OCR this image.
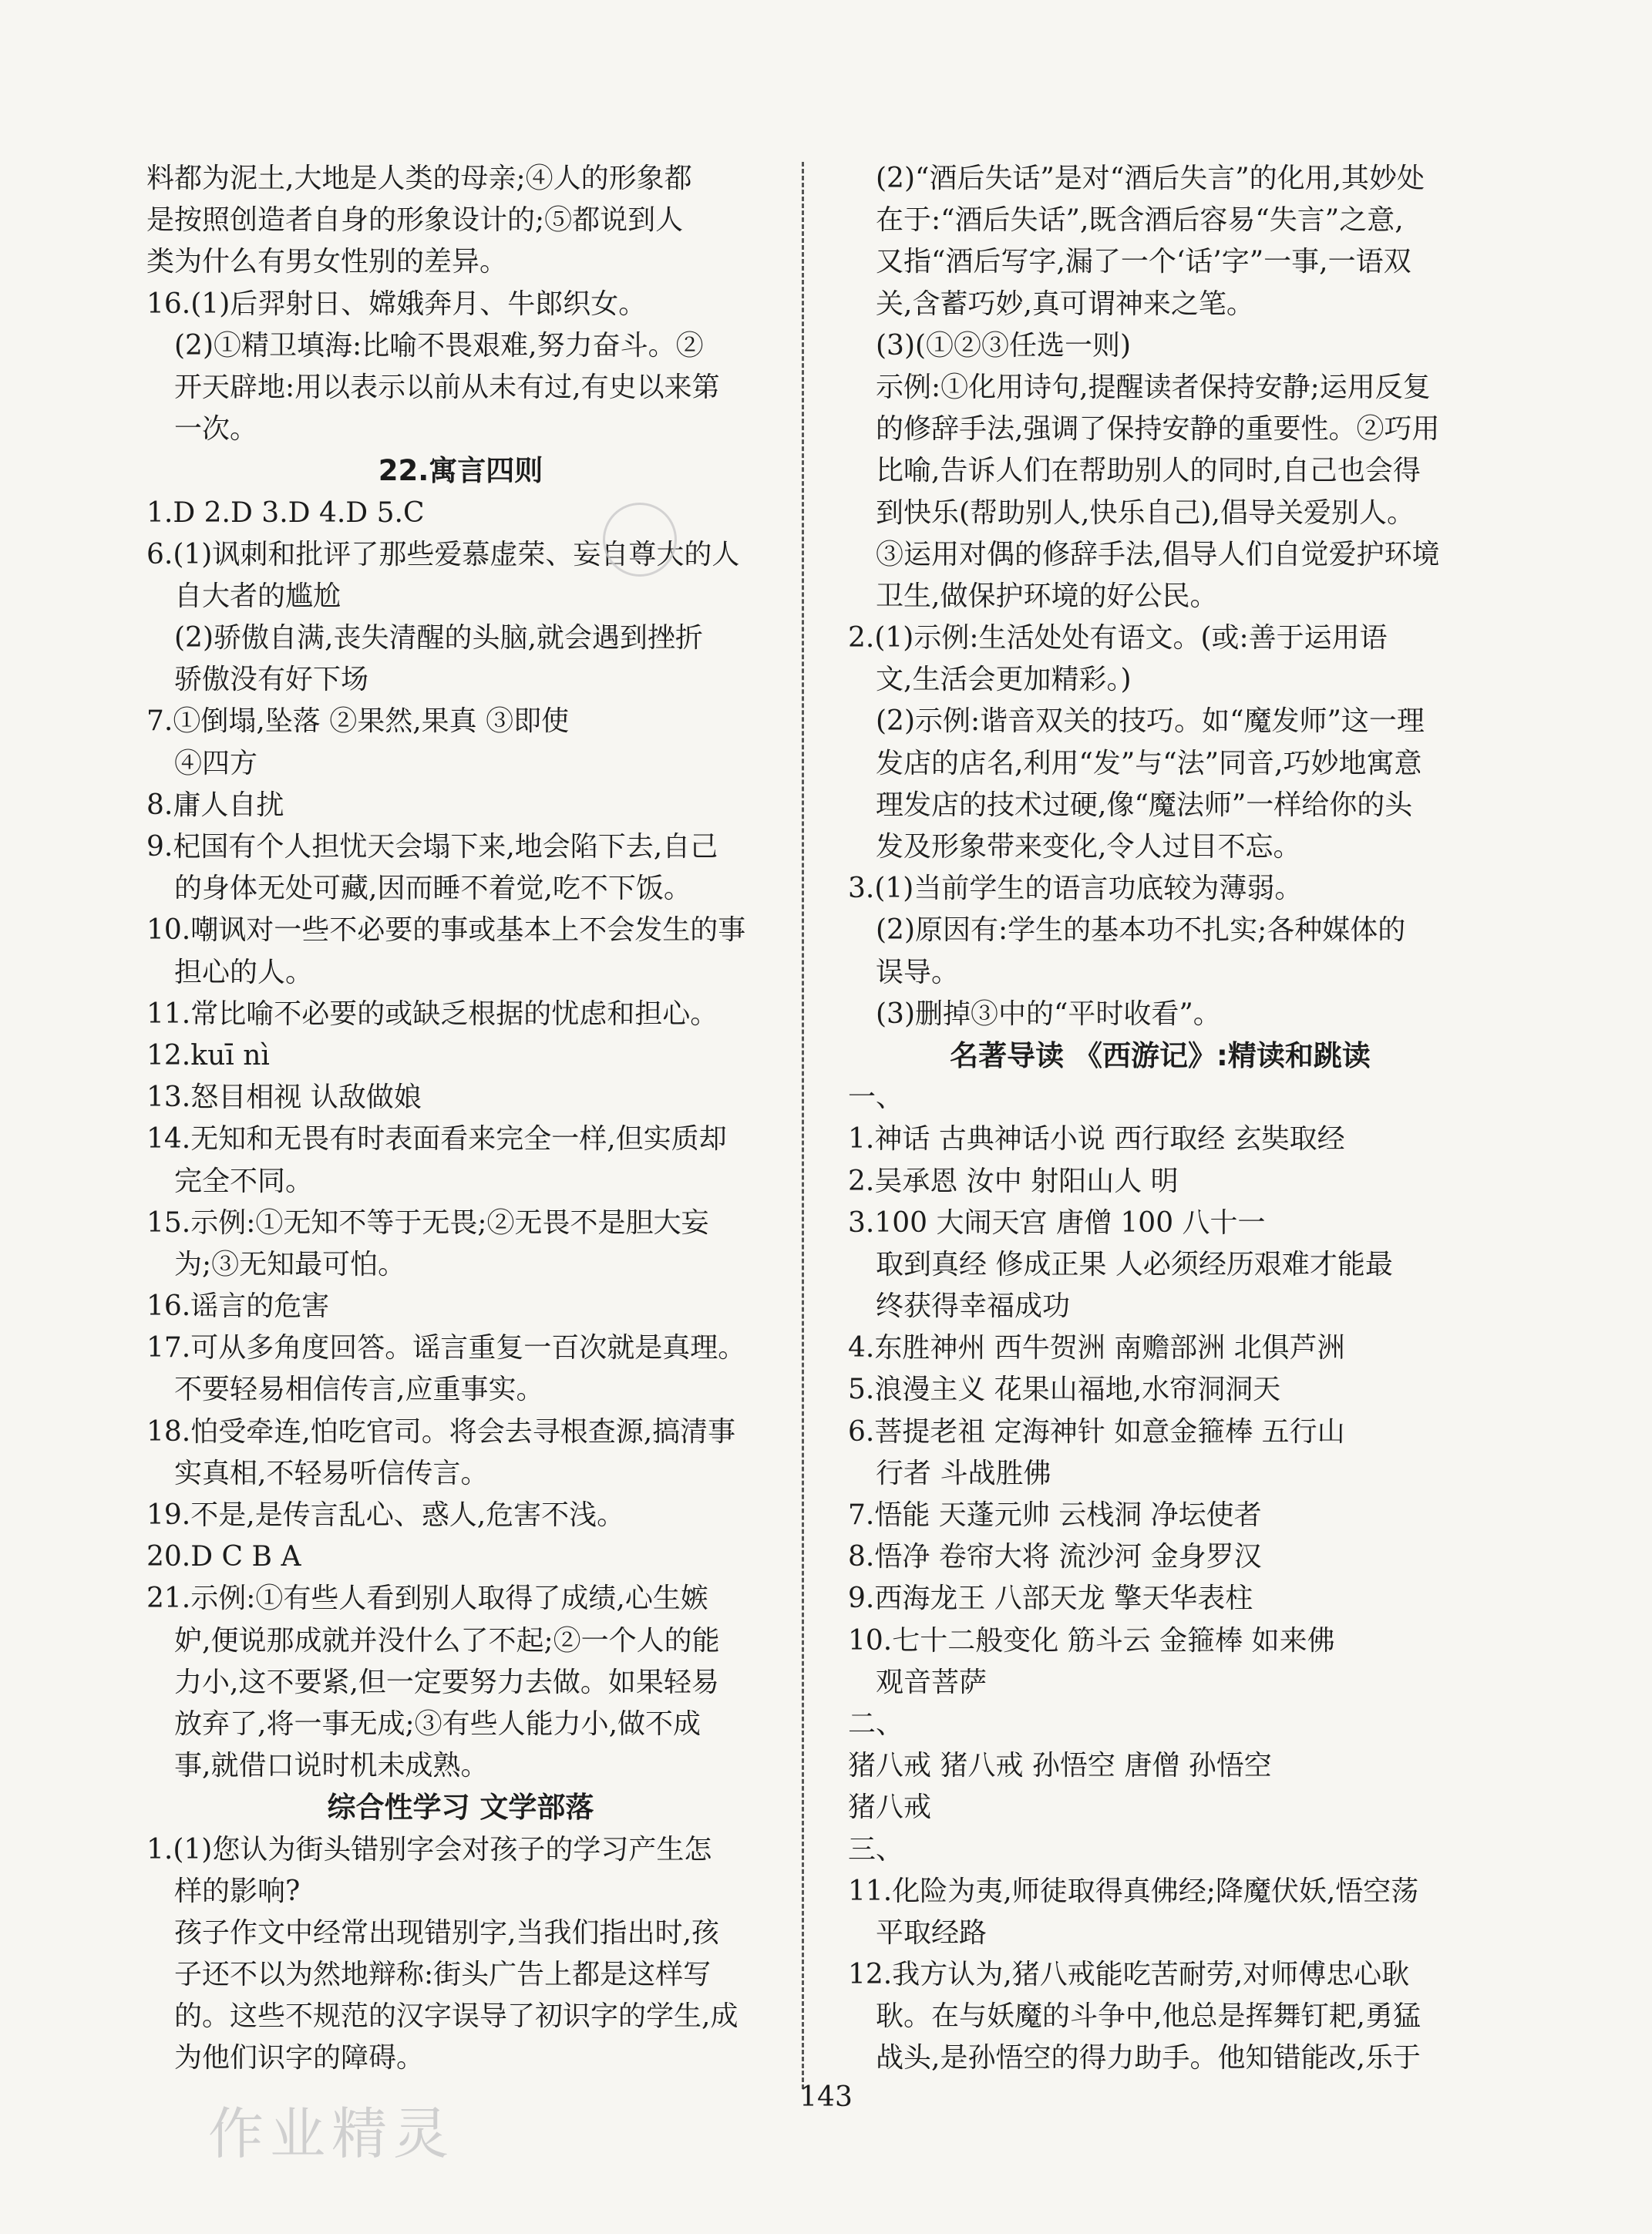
料都为泥土,大地是人类的母亲;④人的形象都
是按照创造者自身的形象设计的;⑤都说到人
类为什么有男女性别的差异。
16.(1)后羿射日、嫦娥奔月、牛郎织女。
(2)①精卫填海:比喻不畏艰难,努力奋斗。②
开天辟地:用以表示以前从未有过,有史以来第
一次。
22.寓言四则
1.D 2.D 3.D 4.D 5.C
6.(1)讽刺和批评了那些爱慕虚荣、妄自尊大的人
自大者的尴尬
(2)骄傲自满,丧失清醒的头脑,就会遇到挫折
骄傲没有好下场
7.①倒塌,坠落 ②果然,果真 ③即使
④四方
8.庸人自扰
9.杞国有个人担忧天会塌下来,地会陷下去,自己
的身体无处可藏,因而睡不着觉,吃不下饭。
10.嘲讽对一些不必要的事或基本上不会发生的事
担心的人。
11.常比喻不必要的或缺乏根据的忧虑和担心。
12.kuī nì
13.怒目相视 认敌做娘
14.无知和无畏有时表面看来完全一样,但实质却
完全不同。
15.示例:①无知不等于无畏;②无畏不是胆大妄
为;③无知最可怕。
16.谣言的危害
17.可从多角度回答。谣言重复一百次就是真理。
不要轻易相信传言,应重事实。
18.怕受牵连,怕吃官司。将会去寻根查源,搞清事
实真相,不轻易听信传言。
19.不是,是传言乱心、惑人,危害不浅。
20.D C B A
21.示例:①有些人看到别人取得了成绩,心生嫉
妒,便说那成就并没什么了不起;②一个人的能
力小,这不要紧,但一定要努力去做。如果轻易
放弃了,将一事无成;③有些人能力小,做不成
事,就借口说时机未成熟。
综合性学习 文学部落
1.(1)您认为街头错别字会对孩子的学习产生怎
样的影响?
孩子作文中经常出现错别字,当我们指出时,孩
子还不以为然地辩称:街头广告上都是这样写
的。这些不规范的汉字误导了初识字的学生,成
为他们识字的障碍。
(2)“酒后失话”是对“酒后失言”的化用,其妙处
在于:“酒后失话”,既含酒后容易“失言”之意,
又指“酒后写字,漏了一个‘话’字”一事,一语双
关,含蓄巧妙,真可谓神来之笔。
(3)(①②③任选一则)
示例:①化用诗句,提醒读者保持安静;运用反复
的修辞手法,强调了保持安静的重要性。②巧用
比喻,告诉人们在帮助别人的同时,自己也会得
到快乐(帮助别人,快乐自己),倡导关爱别人。
③运用对偶的修辞手法,倡导人们自觉爱护环境
卫生,做保护环境的好公民。
2.(1)示例:生活处处有语文。(或:善于运用语
文,生活会更加精彩。)
(2)示例:谐音双关的技巧。如“魔发师”这一理
发店的店名,利用“发”与“法”同音,巧妙地寓意
理发店的技术过硬,像“魔法师”一样给你的头
发及形象带来变化,令人过目不忘。
3.(1)当前学生的语言功底较为薄弱。
(2)原因有:学生的基本功不扎实;各种媒体的
误导。
(3)删掉③中的“平时收看”。
名著导读 《西游记》:精读和跳读
一、
1.神话 古典神话小说 西行取经 玄奘取经
2.吴承恩 汝中 射阳山人 明
3.100 大闹天宫 唐僧 100 八十一
取到真经 修成正果 人必须经历艰难才能最
终获得幸福成功
4.东胜神州 西牛贺洲 南赡部洲 北俱芦洲
5.浪漫主义 花果山福地,水帘洞洞天
6.菩提老祖 定海神针 如意金箍棒 五行山
行者 斗战胜佛
7.悟能 天蓬元帅 云栈洞 净坛使者
8.悟净 卷帘大将 流沙河 金身罗汉
9.西海龙王 八部天龙 擎天华表柱
10.七十二般变化 筋斗云 金箍棒 如来佛
观音菩萨
二、
猪八戒 猪八戒 孙悟空 唐僧 孙悟空
猪八戒
三、
11.化险为夷,师徒取得真佛经;降魔伏妖,悟空荡
平取经路
12.我方认为,猪八戒能吃苦耐劳,对师傅忠心耿
耿。在与妖魔的斗争中,他总是挥舞钉耙,勇猛
战头,是孙悟空的得力助手。他知错能改,乐于
143
作业精灵
